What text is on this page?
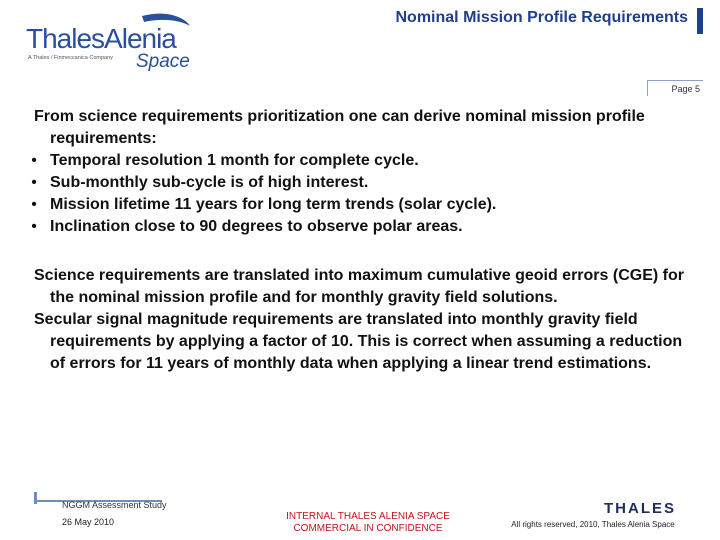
ThalesAlenia
A Thales / Finmeccanica Company Space
Nominal Mission Profile Requirements
Page 5

From science requirements prioritization one can derive nominal mission profile requirements:

• Temporal resolution 1 month for complete cycle.
• Sub-monthly sub-cycle is of high interest.
• Mission lifetime 11 years for long term trends (solar cycle).
• Inclination close to 90 degrees to observe polar areas.

Science requirements are translated into maximum cumulative geoid errors (CGE) for the nominal mission profile and for monthly gravity field solutions.

Secular signal magnitude requirements are translated into monthly gravity field requirements by applying a factor of 10. This is correct when assuming a reduction of errors for 11 years of monthly data when applying a linear trend estimations.

NGGM Assessment Study
26 May 2010	INTERNAL THALES ALENIA SPACE
COMMERCIAL IN CONFIDENCE
THALES
All rights reserved, 2010, Thales Alenia Space
